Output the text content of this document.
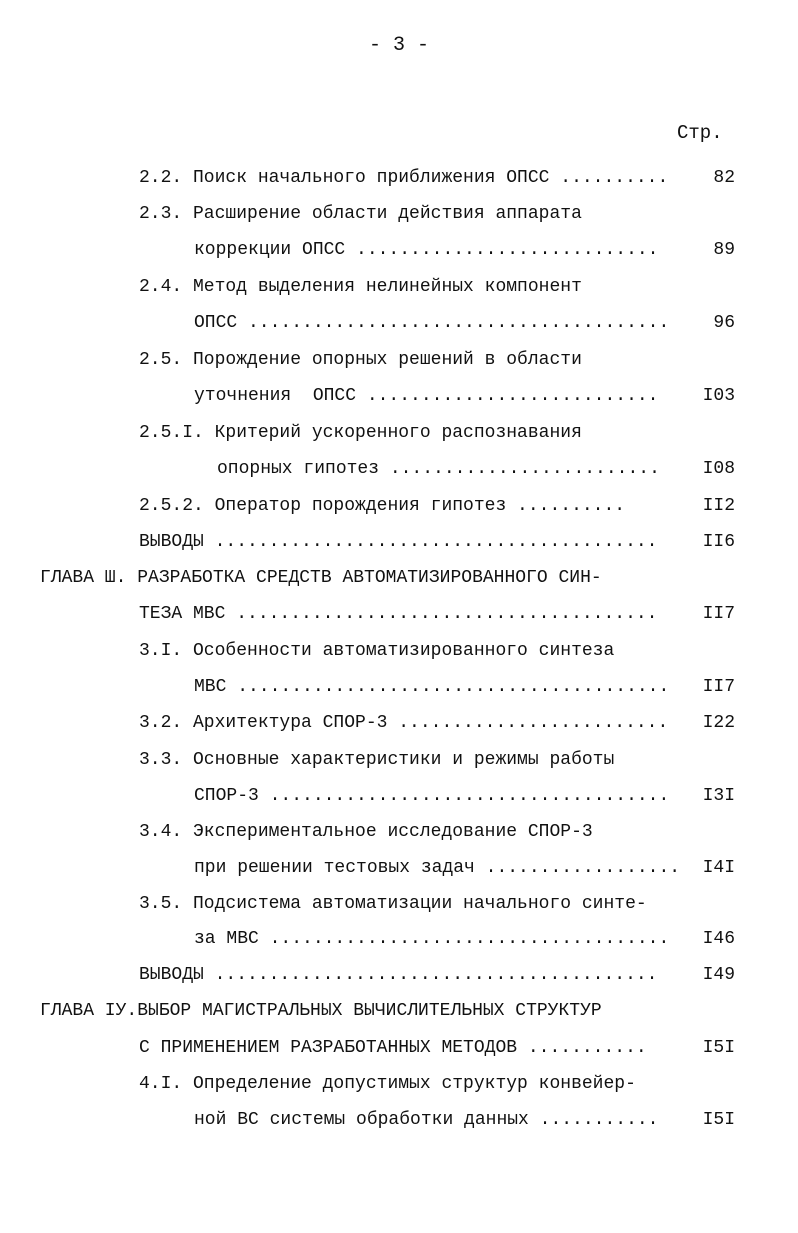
- 3 -
Стр.
2.2. Поиск начального приближения ОПСС ..........	82
2.3. Расширение области действия аппарата
коррекции ОПСС ............................	89
2.4. Метод выделения нелинейных компонент
ОПСС ....................................... 96
2.5. Порождение опорных решений в области
уточнения  ОПСС ........................... I03
2.5.I. Критерий ускоренного распознавания
опорных гипотез ......................... I08
2.5.2. Оператор порождения гипотез ..........	II2
ВЫВОДЫ .........................................	II6
ГЛАВА Ш. РАЗРАБОТКА СРЕДСТВ АВТОМАТИЗИРОВАННОГО СИН-
ТЕЗА МВС .......................................	II7
3.I. Особенности автоматизированного синтеза
МВС ........................................ II7
3.2. Архитектура СПОР-3 ......................... I22
3.3. Основные характеристики и режимы работы
СПОР-3 ..................................... I3I
3.4. Экспериментальное исследование СПОР-3
при решении тестовых задач .................. I4I
3.5. Подсистема автоматизации начального синте-
за МВС ..................................... I46
ВЫВОДЫ .........................................	I49
ГЛАВА IУ.ВЫБОР МАГИСТРАЛЬНЫХ ВЫЧИСЛИТЕЛЬНЫХ СТРУКТУР
С ПРИМЕНЕНИЕМ РАЗРАБОТАННЫХ МЕТОДОВ ...........	I5I
4.I. Определение допустимых структур конвейер-
ной ВС системы обработки данных ........... I5I
